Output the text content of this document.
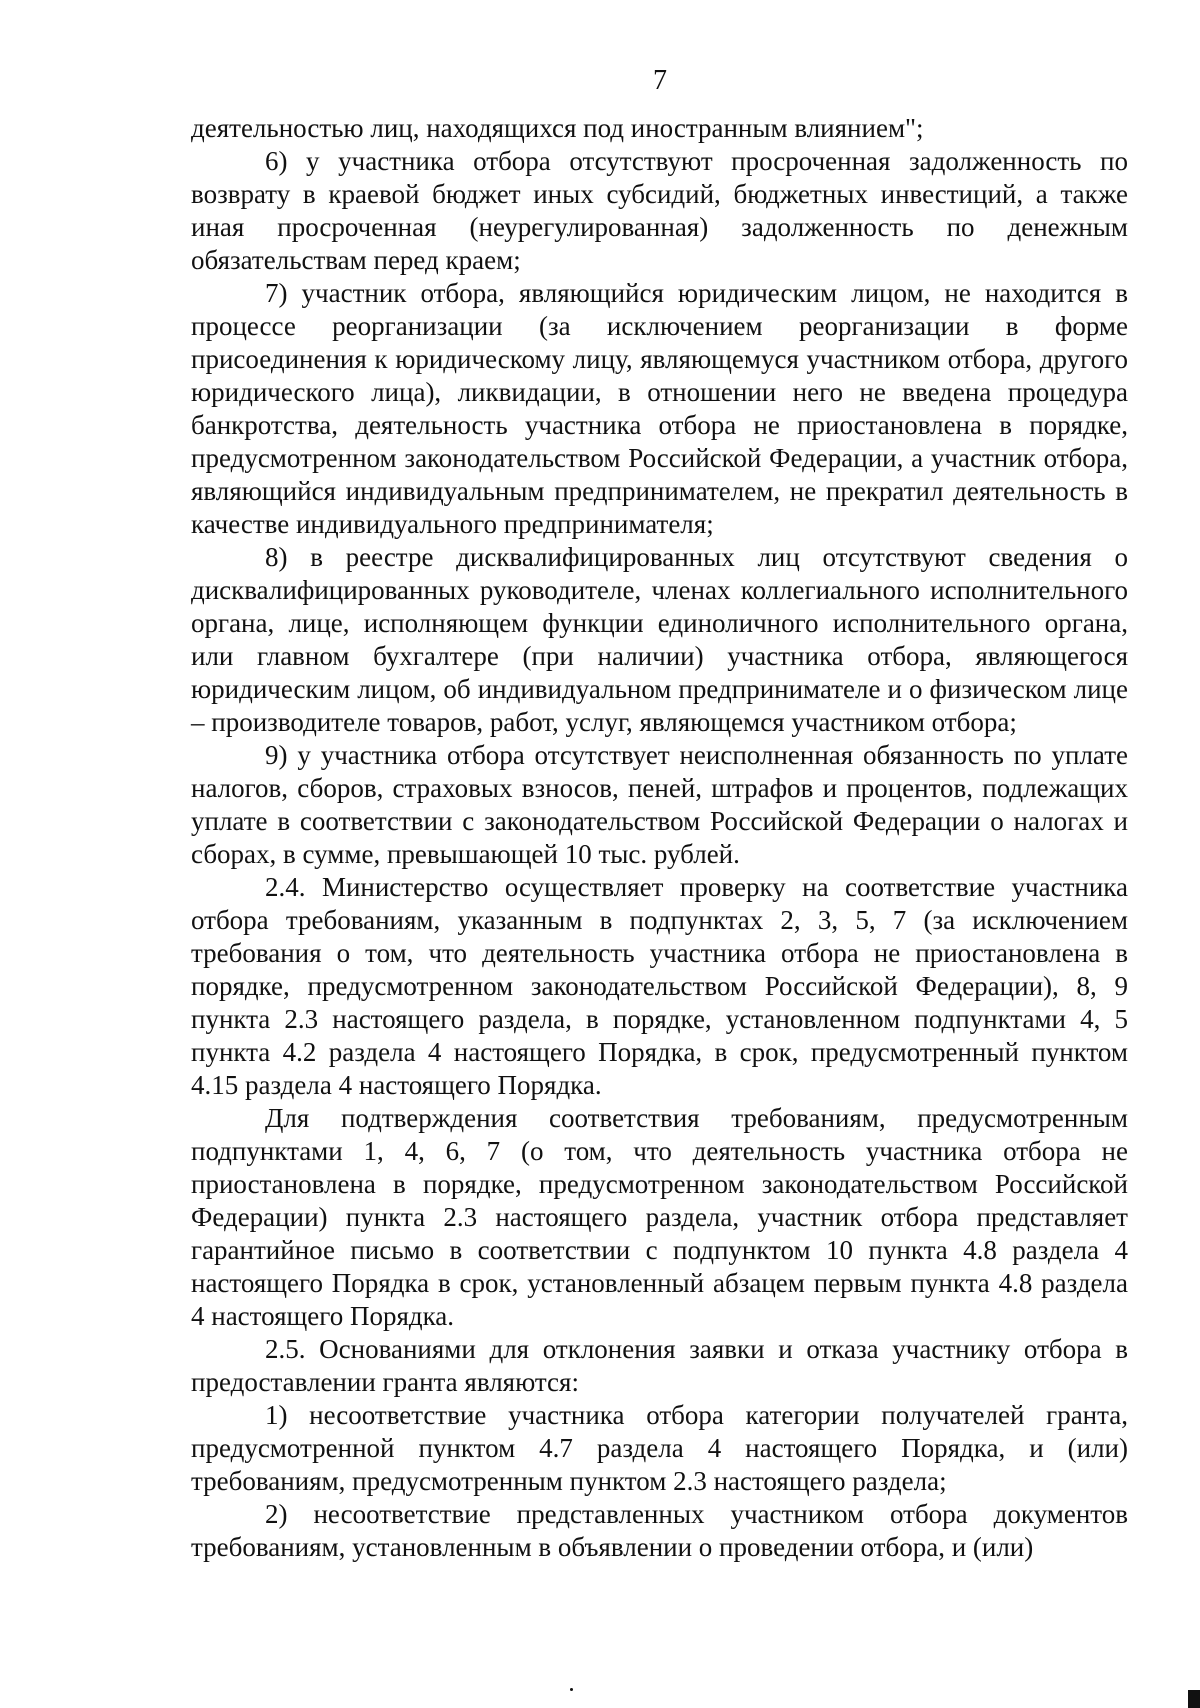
7

деятельностью лиц, находящихся под иностранным влиянием";

6) у участника отбора отсутствуют просроченная задолженность по возврату в краевой бюджет иных субсидий, бюджетных инвестиций, а также иная просроченная (неурегулированная) задолженность по денежным обязательствам перед краем;

7) участник отбора, являющийся юридическим лицом, не находится в процессе реорганизации (за исключением реорганизации в форме присоединения к юридическому лицу, являющемуся участником отбора, другого юридического лица), ликвидации, в отношении него не введена процедура банкротства, деятельность участника отбора не приостановлена в порядке, предусмотренном законодательством Российской Федерации, а участник отбора, являющийся индивидуальным предпринимателем, не прекратил деятельность в качестве индивидуального предпринимателя;

8) в реестре дисквалифицированных лиц отсутствуют сведения о дисквалифицированных руководителе, членах коллегиального исполнительного органа, лице, исполняющем функции единоличного исполнительного органа, или главном бухгалтере (при наличии) участника отбора, являющегося юридическим лицом, об индивидуальном предпринимателе и о физическом лице – производителе товаров, работ, услуг, являющемся участником отбора;

9) у участника отбора отсутствует неисполненная обязанность по уплате налогов, сборов, страховых взносов, пеней, штрафов и процентов, подлежащих уплате в соответствии с законодательством Российской Федерации о налогах и сборах, в сумме, превышающей 10 тыс. рублей.

2.4. Министерство осуществляет проверку на соответствие участника отбора требованиям, указанным в подпунктах 2, 3, 5, 7 (за исключением требования о том, что деятельность участника отбора не приостановлена в порядке, предусмотренном законодательством Российской Федерации), 8, 9 пункта 2.3 настоящего раздела, в порядке, установленном подпунктами 4, 5 пункта 4.2 раздела 4 настоящего Порядка, в срок, предусмотренный пунктом 4.15 раздела 4 настоящего Порядка.

Для подтверждения соответствия требованиям, предусмотренным подпунктами 1, 4, 6, 7 (о том, что деятельность участника отбора не приостановлена в порядке, предусмотренном законодательством Российской Федерации) пункта 2.3 настоящего раздела, участник отбора представляет гарантийное письмо в соответствии с подпунктом 10 пункта 4.8 раздела 4 настоящего Порядка в срок, установленный абзацем первым пункта 4.8 раздела 4 настоящего Порядка.

2.5. Основаниями для отклонения заявки и отказа участнику отбора в предоставлении гранта являются:

1) несоответствие участника отбора категории получателей гранта, предусмотренной пунктом 4.7 раздела 4 настоящего Порядка, и (или) требованиям, предусмотренным пунктом 2.3 настоящего раздела;

2) несоответствие представленных участником отбора документов требованиям, установленным в объявлении о проведении отбора, и (или)
